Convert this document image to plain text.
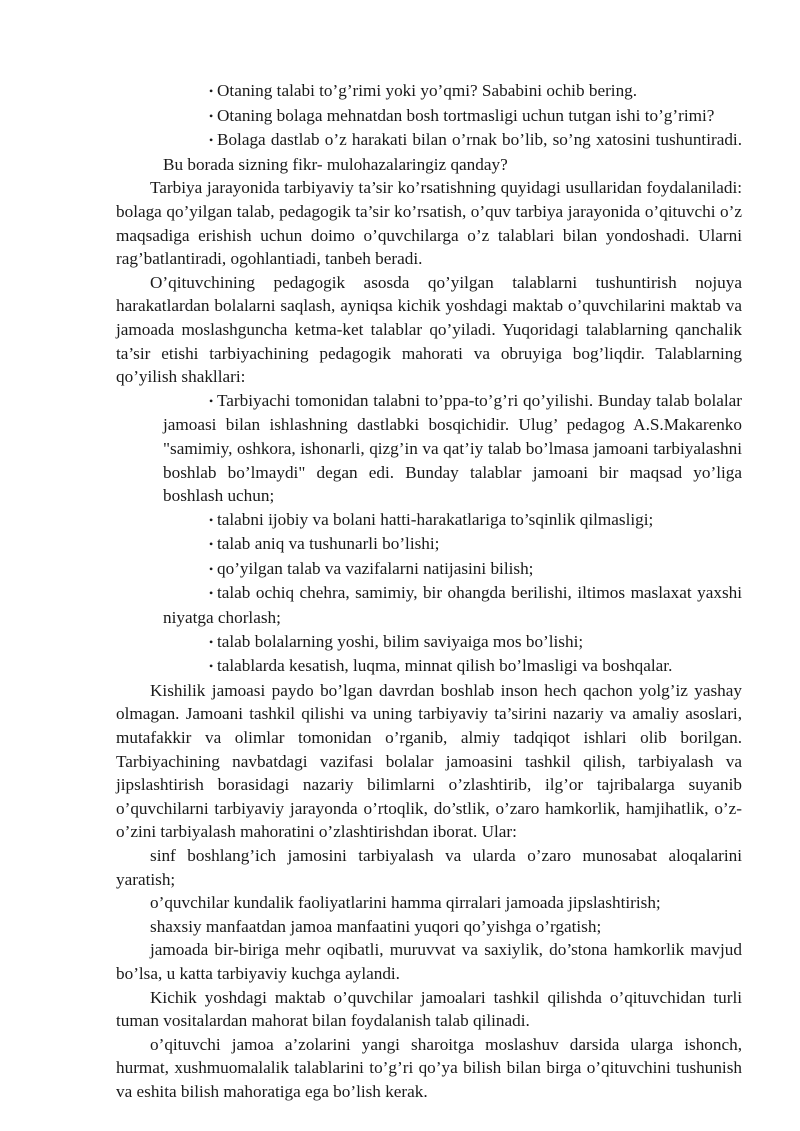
• Otaning talabi to’g’rimi yoki yo’qmi? Sababini ochib bering.

• Otaning bolaga mehnatdan bosh tortmasligi uchun tutgan ishi to’g’rimi?

• Bolaga dastlab o’z harakati bilan o’rnak bo’lib, so’ng xatosini tushuntiradi. Bu borada sizning fikr- mulohazalaringiz qanday?

Tarbiya jarayonida tarbiyaviy ta’sir ko’rsatishning quyidagi usullaridan foydalaniladi: bolaga qo’yilgan talab, pedagogik ta’sir ko’rsatish, o’quv tarbiya jarayonida o’qituvchi o’z maqsadiga erishish uchun doimo o’quvchilarga o’z talablari bilan yondoshadi. Ularni rag’batlantiradi, ogohlantiadi, tanbeh beradi.

O’qituvchining pedagogik asosda qo’yilgan talablarni tushuntirish nojuya harakatlardan bolalarni saqlash, ayniqsa kichik yoshdagi maktab o’quvchilarini maktab va jamoada moslashguncha ketma-ket talablar qo’yiladi. Yuqoridagi talablarning qanchalik ta’sir etishi tarbiyachining pedagogik mahorati va obruyiga bog’liqdir. Talablarning qo’yilish shakllari:

• Tarbiyachi tomonidan talabni to’ppa-to’g’ri qo’yilishi. Bunday talab bolalar jamoasi bilan ishlashning dastlabki bosqichidir. Ulug’ pedagog A.S.Makarenko "samimiy, oshkora, ishonarli, qizg’in va qat’iy talab bo’lmasa jamoani tarbiyalashni boshlab bo’lmaydi" degan edi. Bunday talablar jamoani bir maqsad yo’liga boshlash uchun;

• talabni ijobiy va bolani hatti-harakatlariga to’sqinlik qilmasligi;

• talab aniq va tushunarli bo’lishi;

• qo’yilgan talab va vazifalarni natijasini bilish;

• talab ochiq chehra, samimiy, bir ohangda berilishi, iltimos maslaxat yaxshi niyatga chorlash;

• talab bolalarning yoshi, bilim saviyaiga mos bo’lishi;

• talablarda kesatish, luqma, minnat qilish bo’lmasligi va boshqalar.

Kishilik jamoasi paydo bo’lgan davrdan boshlab inson hech qachon yolg’iz yashay olmagan. Jamoani tashkil qilishi va uning tarbiyaviy ta’sirini nazariy va amaliy asoslari, mutafakkir va olimlar tomonidan o’rganib, almiy tadqiqot ishlari olib borilgan. Tarbiyachining navbatdagi vazifasi bolalar jamoasini tashkil qilish, tarbiyalash va jipslashtirish borasidagi nazariy bilimlarni o’zlashtirib, ilg’or tajribalarga suyanib o’quvchilarni tarbiyaviy jarayonda o’rtoqlik, do’stlik, o’zaro hamkorlik, hamjihatlik, o’z-o’zini tarbiyalash mahoratini o’zlashtirishdan iborat. Ular:

sinf boshlang’ich jamosini tarbiyalash va ularda o’zaro munosabat aloqalarini yaratish;

o’quvchilar kundalik faoliyatlarini hamma qirralari jamoada jipslashtirish;

shaxsiy manfaatdan jamoa manfaatini yuqori qo’yishga o’rgatish;

jamoada bir-biriga mehr oqibatli, muruvvat va saxiylik, do’stona hamkorlik mavjud bo’lsa, u katta tarbiyaviy kuchga aylandi.

Kichik yoshdagi maktab o’quvchilar jamoalari tashkil qilishda o’qituvchidan turli tuman vositalardan mahorat bilan foydalanish talab qilinadi.

o’qituvchi jamoa a’zolarini yangi sharoitga moslashuv darsida ularga ishonch, hurmat, xushmuomalalik talablarini to’g’ri qo’ya bilish bilan birga o’qituvchini tushunish va eshita bilish mahoratiga ega bo’lish kerak.
